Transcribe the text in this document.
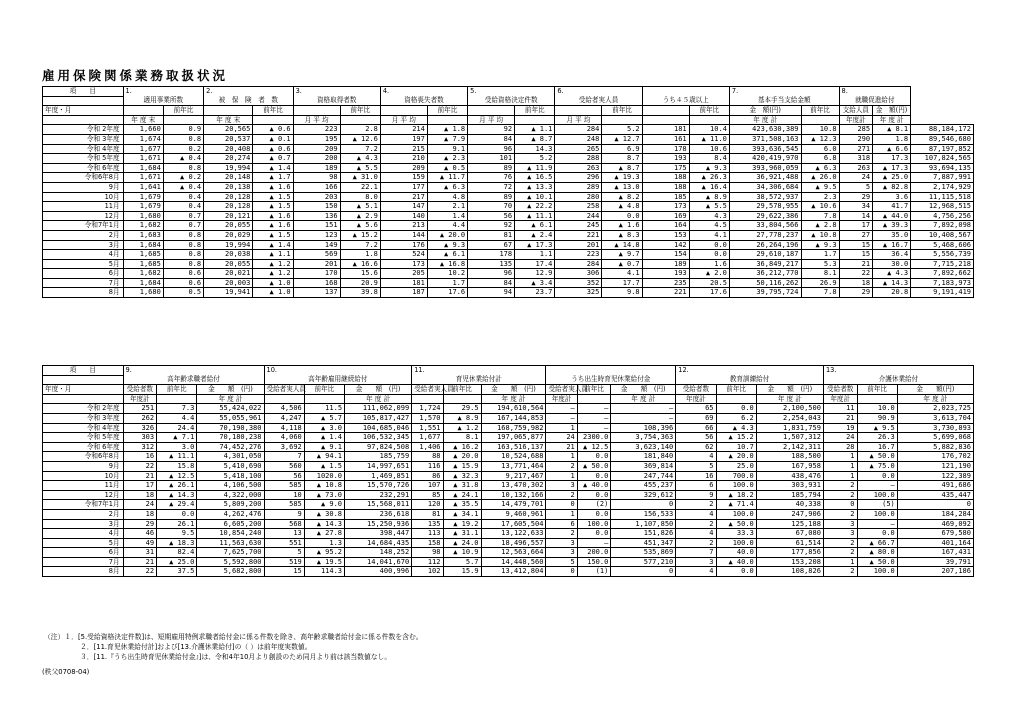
雇用保険関係業務取扱状況
項　　目	1.		2.		3.		4.		5.		6.				7.		8.		
	適用事業所数		被　保　険　者　数		資格取得者数		資格喪失者数		受給資格決定件数		受給者実人員		うち４５歳以上		基本手当支給金額		就職促進給付		
年度・月		前年比		前年比		前年比		前年比		前年比		前年比		前年比	金　額(円)	前年比	支給人員	金　額(円)	
	年 度 末		年 度 末		月 平 均		月 平 均		月 平 均		月 平 均				年 度 計		年度計	年 度 計	
令和 2年度	1,660	0.9	20,565	▲ 0.6	223	2.8	214	▲ 1.8	92	▲ 1.1	284	5.2	181	10.4	423,630,389	10.8	285	▲ 8.1	88,184,172
令和 3年度	1,674	0.8	20,537	▲ 0.1	195	▲ 12.6	197	▲ 7.9	84	▲ 8.7	248	▲ 12.7	161	▲ 11.0	371,508,163	▲ 12.3	290	1.8	89,546,680
令和 4年度	1,677	0.2	20,408	▲ 0.6	209	7.2	215	9.1	96	14.3	265	6.9	178	10.6	393,636,545	6.0	271	▲ 6.6	87,197,852
令和 5年度	1,671	▲ 0.4	20,274	▲ 0.7	200	▲ 4.3	210	▲ 2.3	101	5.2	288	8.7	193	8.4	420,419,970	6.8	318	17.3	107,824,565
令和 6年度	1,684	0.8	19,994	▲ 1.4	189	▲ 5.5	209	▲ 0.5	89	▲ 11.9	263	▲ 8.7	175	▲ 9.3	393,960,059	▲ 6.3	263	▲ 17.3	93,694,135
令和6年8月	1,671	▲ 0.2	20,148	▲ 1.7	98	▲ 31.0	159	▲ 11.7	76	▲ 16.5	296	▲ 19.3	188	▲ 26.3	36,921,488	▲ 26.0	24	▲ 25.0	7,887,991
9月	1,641	▲ 0.4	20,138	▲ 1.6	166	22.1	177	▲ 6.3	72	▲ 13.3	289	▲ 13.0	188	▲ 16.4	34,306,684	▲ 9.5	5	▲ 82.8	2,174,929
10月	1,679	0.4	20,128	▲ 1.5	203	8.0	217	4.8	89	▲ 10.1	280	▲ 8.2	185	▲ 8.9	38,572,937	2.3	29	3.6	11,115,518
11月	1,679	0.4	20,128	▲ 1.5	150	▲ 5.1	147	2.1	70	▲ 22.2	258	▲ 4.8	173	▲ 5.5	29,578,955	▲ 10.6	34	41.7	12,968,515
12月	1,680	0.7	20,121	▲ 1.6	136	▲ 2.9	140	1.4	56	▲ 11.1	244	0.0	169	4.3	29,622,386	7.8	14	▲ 44.0	4,756,256
令和7年1月	1,682	0.7	20,055	▲ 1.6	151	▲ 5.6	213	4.4	92	▲ 6.1	245	▲ 1.6	164	4.5	33,804,566	▲ 2.8	17	▲ 39.3	7,892,098
2月	1,683	0.8	20,029	▲ 1.5	123	▲ 15.2	144	▲ 20.0	81	▲ 2.4	221	▲ 8.3	153	4.1	27,778,237	▲ 10.8	27	35.0	10,408,567
3月	1,684	0.8	19,994	▲ 1.4	149	7.2	176	▲ 9.3	67	▲ 17.3	201	▲ 14.8	142	0.0	26,264,196	▲ 9.3	15	▲ 16.7	5,468,606
4月	1,685	0.8	20,038	▲ 1.1	569	1.8	524	▲ 6.1	178	1.1	223	▲ 9.7	154	0.0	29,610,187	1.7	15	36.4	5,556,739
5月	1,685	0.8	20,055	▲ 1.2	201	▲ 16.6	173	▲ 16.8	135	17.4	284	▲ 0.7	189	1.6	36,849,217	5.3	21	30.0	7,715,218
6月	1,682	0.6	20,021	▲ 1.2	170	15.6	205	10.2	96	12.9	306	4.1	193	▲ 2.0	36,212,770	8.1	22	▲ 4.3	7,892,662
7月	1,684	0.6	20,003	▲ 1.0	168	20.9	181	1.7	84	▲ 3.4	352	17.7	235	20.5	50,116,262	26.9	18	▲ 14.3	7,183,973
8月	1,680	0.5	19,941	▲ 1.0	137	39.8	187	17.6	94	23.7	325	9.8	221	17.6	39,795,724	7.8	29	20.8	9,191,419
項　　目	9.			10.			11.						12.			13.		
	高年齢求職者給付			高年齢雇用継続給付			育児休業給付計			うち出生時育児休業給付金			教育訓練給付			介護休業給付		
年度・月	受給者数	前年比	金　　額　(円)	受給者実人員	前年比	金　　額　(円)	受給者実人員	前年比	金　　額　(円)	受給者実人員	前年比	金　　額　(円)	受給者数	前年比	金　　額　(円)	受給者数	前年比	金　　額(円)
	年度計		年 度 計			年 度 計			年 度 計	年度計		年 度 計	年度計		年 度 計	年度計		年 度 計
令和 2年度	251	7.3	55,424,022	4,506	11.5	111,062,099	1,724	29.5	194,610,564	—	—	—	65	0.0	2,100,500	11	10.0	2,023,725
令和 3年度	262	4.4	55,055,961	4,247	▲ 5.7	105,817,427	1,570	▲ 8.9	167,144,853	—	—	—	69	6.2	2,254,043	21	90.9	3,613,704
令和 4年度	326	24.4	70,190,380	4,118	▲ 3.0	104,685,046	1,551	▲ 1.2	168,759,982	1	—	108,396	66	▲ 4.3	1,831,759	19	▲ 9.5	3,730,893
令和 5年度	303	▲ 7.1	70,180,238	4,060	▲ 1.4	106,532,345	1,677	8.1	197,065,877	24	2300.0	3,754,363	56	▲ 15.2	1,507,312	24	26.3	5,699,068
令和 6年度	312	3.0	74,452,276	3,692	▲ 9.1	97,824,508	1,406	▲ 16.2	163,516,137	21	▲ 12.5	3,623,140	62	10.7	2,142,311	28	16.7	5,882,836
令和6年8月	16	▲ 11.1	4,301,050	7	▲ 94.1	185,759	88	▲ 20.0	10,524,688	1	0.0	181,840	4	▲ 20.0	188,500	1	▲ 50.0	176,702
9月	22	15.8	5,410,690	560	▲ 1.5	14,997,651	116	▲ 15.9	13,771,464	2	▲ 50.0	369,814	5	25.0	167,958	1	▲ 75.0	121,190
10月	21	▲ 12.5	5,418,100	56	1020.0	1,469,851	86	▲ 32.3	9,217,467	1	0.0	247,744	16	700.0	438,476	1	0.0	122,389
11月	17	▲ 26.1	4,106,500	585	▲ 10.8	15,570,726	107	▲ 31.8	13,470,302	3	▲ 40.0	455,237	6	100.0	303,931	2	—	491,686
12月	18	▲ 14.3	4,322,000	10	▲ 73.0	232,291	85	▲ 24.1	10,132,166	2	0.0	329,612	9	▲ 18.2	185,794	2	100.0	435,447
令和7年1月	24	▲ 29.4	5,809,200	585	▲ 9.0	15,568,011	120	▲ 35.5	14,479,701	0	(2)	0	2	▲ 71.4	40,338	0	(5)	0
2月	18	0.0	4,262,476	9	▲ 30.8	236,618	81	▲ 34.1	9,460,961	1	0.0	156,533	4	100.0	247,906	2	100.0	184,284
3月	29	26.1	6,605,200	568	▲ 14.3	15,250,936	135	▲ 19.2	17,605,504	6	100.0	1,107,850	2	▲ 50.0	125,188	3	—	469,092
4月	46	9.5	10,854,240	13	▲ 27.8	398,447	113	▲ 31.1	13,122,633	2	0.0	151,826	4	33.3	67,080	3	0.0	679,580
5月	49	▲ 18.3	11,563,630	551	1.3	14,684,435	158	▲ 24.0	18,496,557	3	—	451,347	2	100.0	61,514	2	▲ 66.7	401,164
6月	31	82.4	7,625,700	5	▲ 95.2	148,252	98	▲ 10.9	12,563,664	3	200.0	535,869	7	40.0	177,856	2	▲ 80.0	167,431
7月	21	▲ 25.0	5,592,800	519	▲ 19.5	14,041,670	112	5.7	14,448,560	5	150.0	577,210	3	▲ 40.0	153,208	1	▲ 50.0	39,791
8月	22	37.5	5,682,800	15	114.3	400,996	102	15.9	13,412,804	0	(1)	0	4	0.0	108,826	2	100.0	207,186
（注）１．[5.受給資格決定件数]は、短期雇用特例求職者給付金に係る件数を除き、高年齢求職者給付金に係る件数を含む。
２．[11.育児休業給付計]および[13.介護休業給付]の（ ）は前年度実数値。
３．[11.『うち出生時育児休業給付金』]は、令和4年10月より創設のため同月より前は該当数値なし。
(秩父0708-04)
